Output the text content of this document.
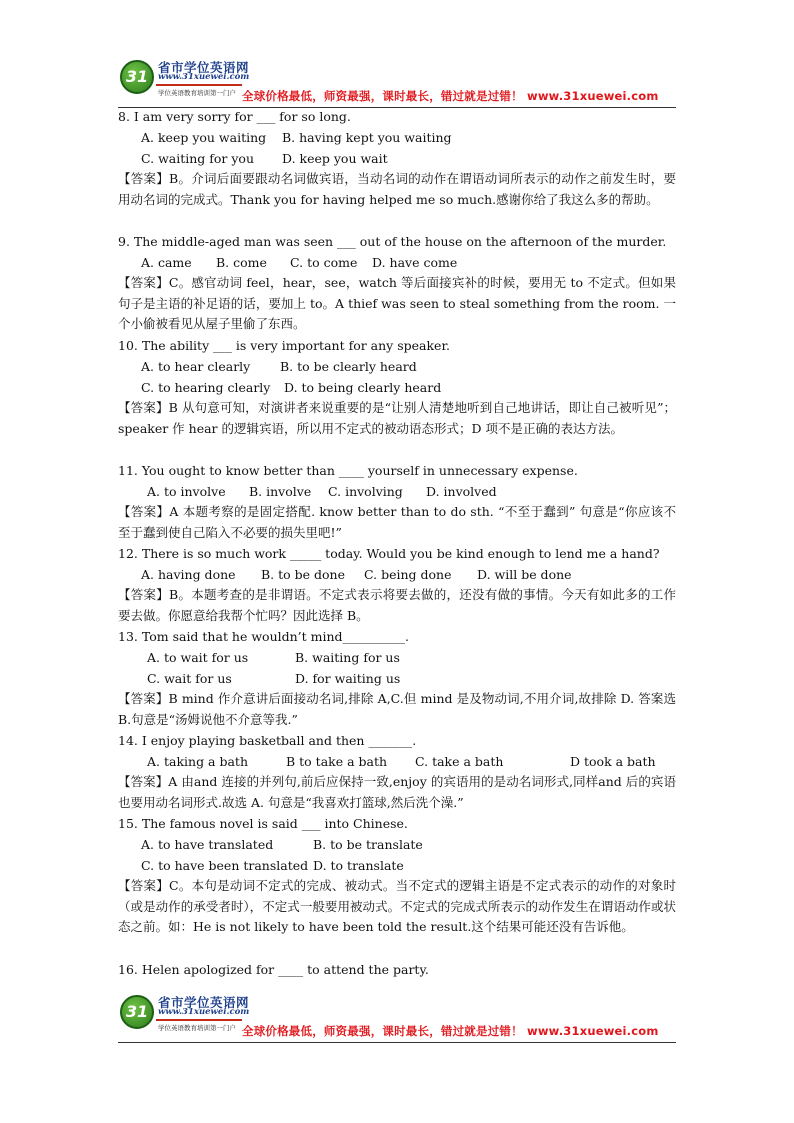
31 省市学位英语网
www.31xuewei.com
学位英语教育培训第一门户 全球价格最低，师资最强，课时最长，错过就是过错！ www.31xuewei.com
8. I am very sorry for ___ for so long.
A. keep you waiting B. having kept you waiting
C. waiting for you D. keep you wait
【答案】B。介词后面要跟动名词做宾语，当动名词的动作在谓语动词所表示的动作之前发生时，要用动名词的完成式。Thank you for having helped me so much.感谢你给了我这么多的帮助。
9. The middle-aged man was seen ___ out of the house on the afternoon of the murder.
A. came B. come C. to come D. have come
【答案】C。感官动词 feel，hear，see，watch 等后面接宾补的时候，要用无 to 不定式。但如果句子是主语的补足语的话，要加上 to。A thief was seen to steal something from the room. 一个小偷被看见从屋子里偷了东西。
10. The ability ___ is very important for any speaker.
A. to hear clearly B. to be clearly heard
C. to hearing clearly D. to being clearly heard
【答案】B 从句意可知，对演讲者来说重要的是“让别人清楚地听到自己地讲话，即让自己被听见”；speaker 作 hear 的逻辑宾语，所以用不定式的被动语态形式；D 项不是正确的表达方法。
11. You ought to know better than ____ yourself in unnecessary expense.
A. to involve B. involve C. involving D. involved
【答案】A 本题考察的是固定搭配. know better than to do sth. “不至于蠢到” 句意是“你应该不至于蠢到使自己陷入不必要的损失里吧!”
12. There is so much work _____ today. Would you be kind enough to lend me a hand?
A. having done B. to be done C. being done D. will be done
【答案】B。本题考查的是非谓语。不定式表示将要去做的，还没有做的事情。今天有如此多的工作要去做。你愿意给我帮个忙吗？因此选择 B。
13. Tom said that he wouldn’t mind__________.
A. to wait for us	B. waiting for us
C. wait for us	D. for waiting us
【答案】B mind 作介意讲后面接动名词,排除 A,C.但 mind 是及物动词,不用介词,故排除 D. 答案选 B.句意是“汤姆说他不介意等我.”
14. I enjoy playing basketball and then _______.
A. taking a bath	B to take a bath C. take a bath	D took a bath
【答案】A 由and 连接的并列句,前后应保持一致,enjoy 的宾语用的是动名词形式,同样and 后的宾语也要用动名词形式.故选 A. 句意是“我喜欢打篮球,然后洗个澡.”
15. The famous novel is said ___ into Chinese.
A. to have translated	B. to be translate
C. to have been translated D. to translate
【答案】C。本句是动词不定式的完成、被动式。当不定式的逻辑主语是不定式表示的动作的对象时（或是动作的承受者时），不定式一般要用被动式。不定式的完成式所表示的动作发生在谓语动作或状态之前。如：He is not likely to have been told the result.这个结果可能还没有告诉他。
16. Helen apologized for ____ to attend the party.
31 省市学位英语网
www.31xuewei.com
学位英语教育培训第一门户 全球价格最低，师资最强，课时最长，错过就是过错！ www.31xuewei.com
